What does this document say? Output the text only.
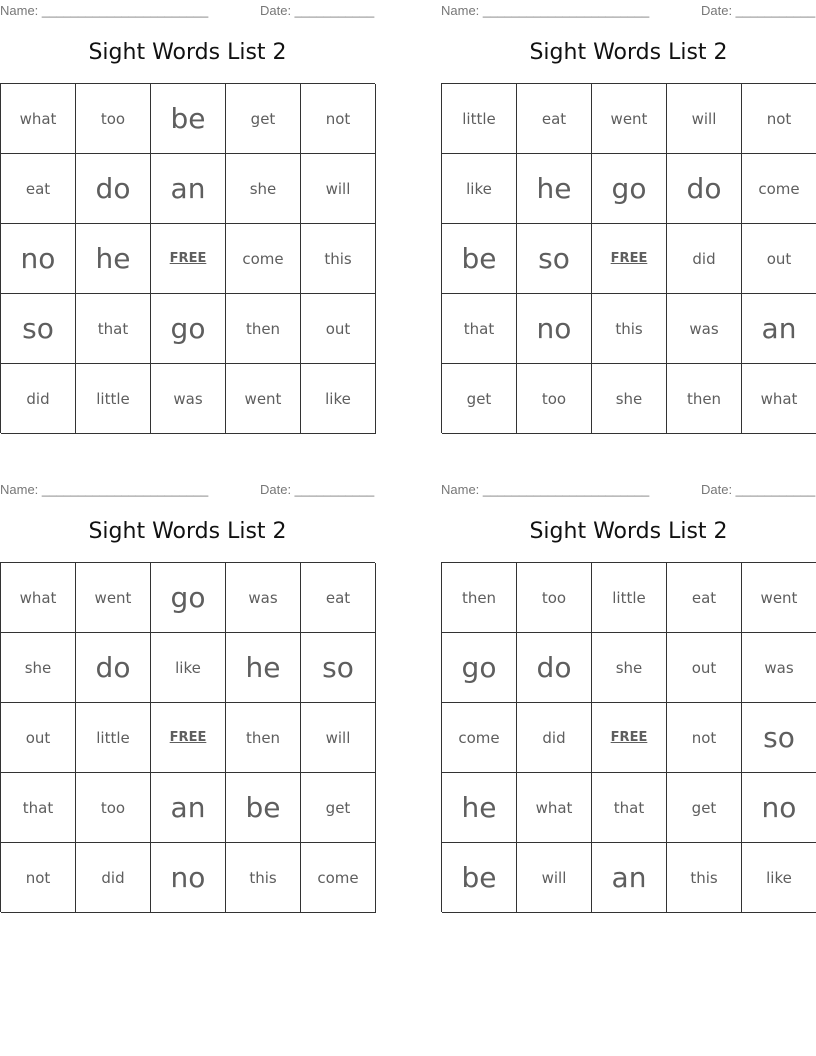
Name: _______________________	Date: ___________
Sight Words List 2
what	too	be	get	not
eat	do	an	she	will
no	he	FREE	come	this
so	that	go	then	out
did	little	was	went	like
Name: _______________________	Date: ___________
Sight Words List 2
little	eat	went	will	not
like	he	go	do	come
be	so	FREE	did	out
that	no	this	was	an
get	too	she	then	what
Name: _______________________	Date: ___________
Sight Words List 2
what	went	go	was	eat
she	do	like	he	so
out	little	FREE	then	will
that	too	an	be	get
not	did	no	this	come
Name: _______________________	Date: ___________
Sight Words List 2
then	too	little	eat	went
go	do	she	out	was
come	did	FREE	not	so
he	what	that	get	no
be	will	an	this	like
